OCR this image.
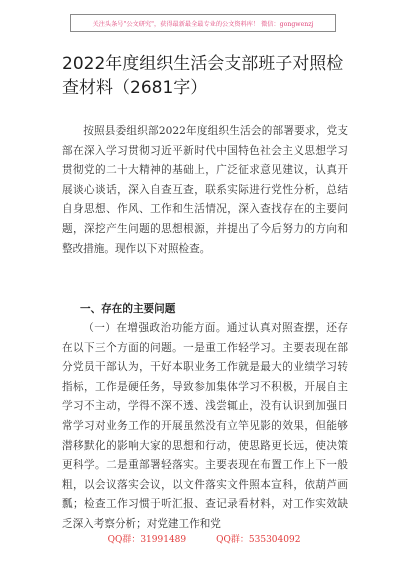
关注头条号"公文研究"，获得最新最全最专业的公文资料库！ 微信：gongwenzj
2022年度组织生活会支部班子对照检查材料（2681字）

按照县委组织部2022年度组织生活会的部署要求，党支部在深入学习贯彻习近平新时代中国特色社会主义思想学习贯彻党的二十大精神的基础上，广泛征求意见建议，认真开展谈心谈话，深入自查互查，联系实际进行党性分析，总结自身思想、作风、工作和生活情况，深入查找存在的主要问题，深挖产生问题的思想根源，并提出了今后努力的方向和整改措施。现作以下对照检查。

一、存在的主要问题

（一）在增强政治功能方面。通过认真对照查摆，还存在以下三个方面的问题。一是重工作轻学习。主要表现在部分党员干部认为，干好本职业务工作就是最大的业绩学习转指标，工作是硬任务，导致参加集体学习不积极，开展自主学习不主动，学得不深不透、浅尝辄止，没有认识到加强日常学习对业务工作的开展虽然没有立竿见影的效果，但能够潜移默化的影响大家的思想和行动，使思路更长远，使决策更科学。二是重部署轻落实。主要表现在布置工作上下一般粗，以会议落实会议，以文件落实文件照本宣科，依葫芦画瓢；检查工作习惯于听汇报、查记录看材料，对工作实效缺乏深入考察分析；对党建工作和党

QQ群：31991489	QQ群：535304092
